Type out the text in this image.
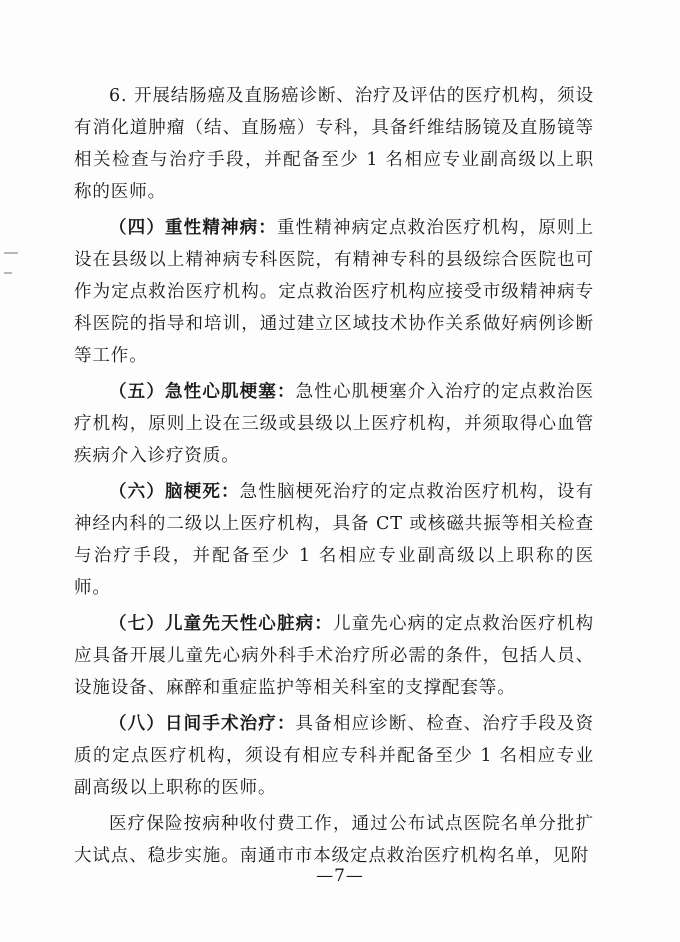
6. 开展结肠癌及直肠癌诊断、治疗及评估的医疗机构，须设有消化道肿瘤（结、直肠癌）专科，具备纤维结肠镜及直肠镜等相关检查与治疗手段，并配备至少 1 名相应专业副高级以上职称的医师。

（四）重性精神病：重性精神病定点救治医疗机构，原则上设在县级以上精神病专科医院，有精神专科的县级综合医院也可作为定点救治医疗机构。定点救治医疗机构应接受市级精神病专科医院的指导和培训，通过建立区域技术协作关系做好病例诊断等工作。

（五）急性心肌梗塞：急性心肌梗塞介入治疗的定点救治医疗机构，原则上设在三级或县级以上医疗机构，并须取得心血管疾病介入诊疗资质。

（六）脑梗死：急性脑梗死治疗的定点救治医疗机构，设有神经内科的二级以上医疗机构，具备 CT 或核磁共振等相关检查与治疗手段，并配备至少 1 名相应专业副高级以上职称的医师。

（七）儿童先天性心脏病：儿童先心病的定点救治医疗机构应具备开展儿童先心病外科手术治疗所必需的条件，包括人员、设施设备、麻醉和重症监护等相关科室的支撑配套等。

（八）日间手术治疗：具备相应诊断、检查、治疗手段及资质的定点医疗机构，须设有相应专科并配备至少 1 名相应专业副高级以上职称的医师。

医疗保险按病种收付费工作，通过公布试点医院名单分批扩大试点、稳步实施。南通市市本级定点救治医疗机构名单，见附

—7—
